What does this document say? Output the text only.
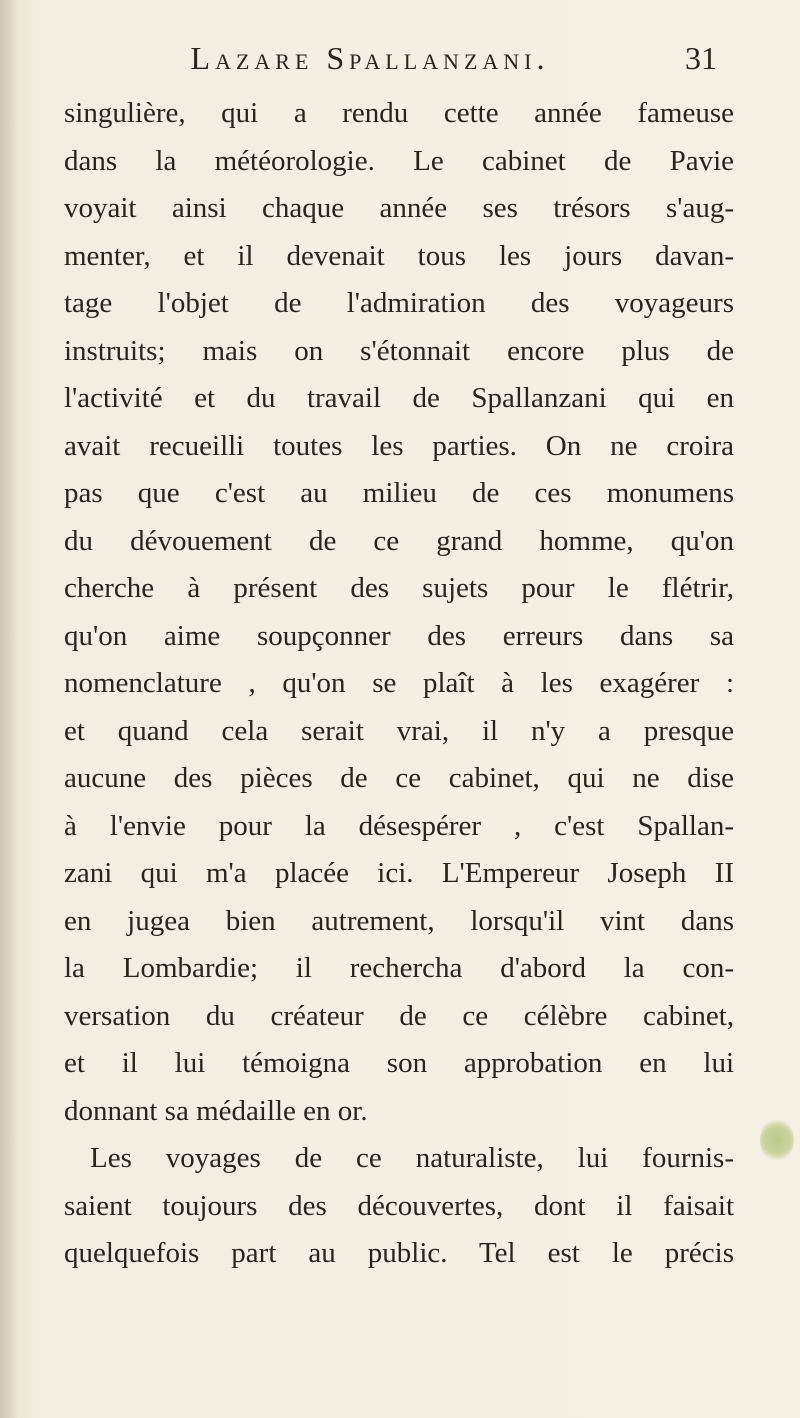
Lazare Spallanzani.	31
singulière, qui a rendu cette année fameuse
dans la météorologie. Le cabinet de Pavie
voyait ainsi chaque année ses trésors s'aug-
menter, et il devenait tous les jours davan-
tage l'objet de l'admiration des voyageurs
instruits; mais on s'étonnait encore plus de
l'activité et du travail de Spallanzani qui en
avait recueilli toutes les parties. On ne croira
pas que c'est au milieu de ces monumens
du dévouement de ce grand homme, qu'on
cherche à présent des sujets pour le flétrir,
qu'on aime soupçonner des erreurs dans sa
nomenclature , qu'on se plaît à les exagérer :
et quand cela serait vrai, il n'y a presque
aucune des pièces de ce cabinet, qui ne dise
à l'envie pour la désespérer , c'est Spallan-
zani qui m'a placée ici. L'Empereur Joseph II
en jugea bien autrement, lorsqu'il vint dans
la Lombardie; il rechercha d'abord la con-
versation du créateur de ce célèbre cabinet,
et il lui témoigna son approbation en lui
donnant sa médaille en or.
Les voyages de ce naturaliste, lui fournis-
saient toujours des découvertes, dont il faisait
quelquefois part au public. Tel est le précis
